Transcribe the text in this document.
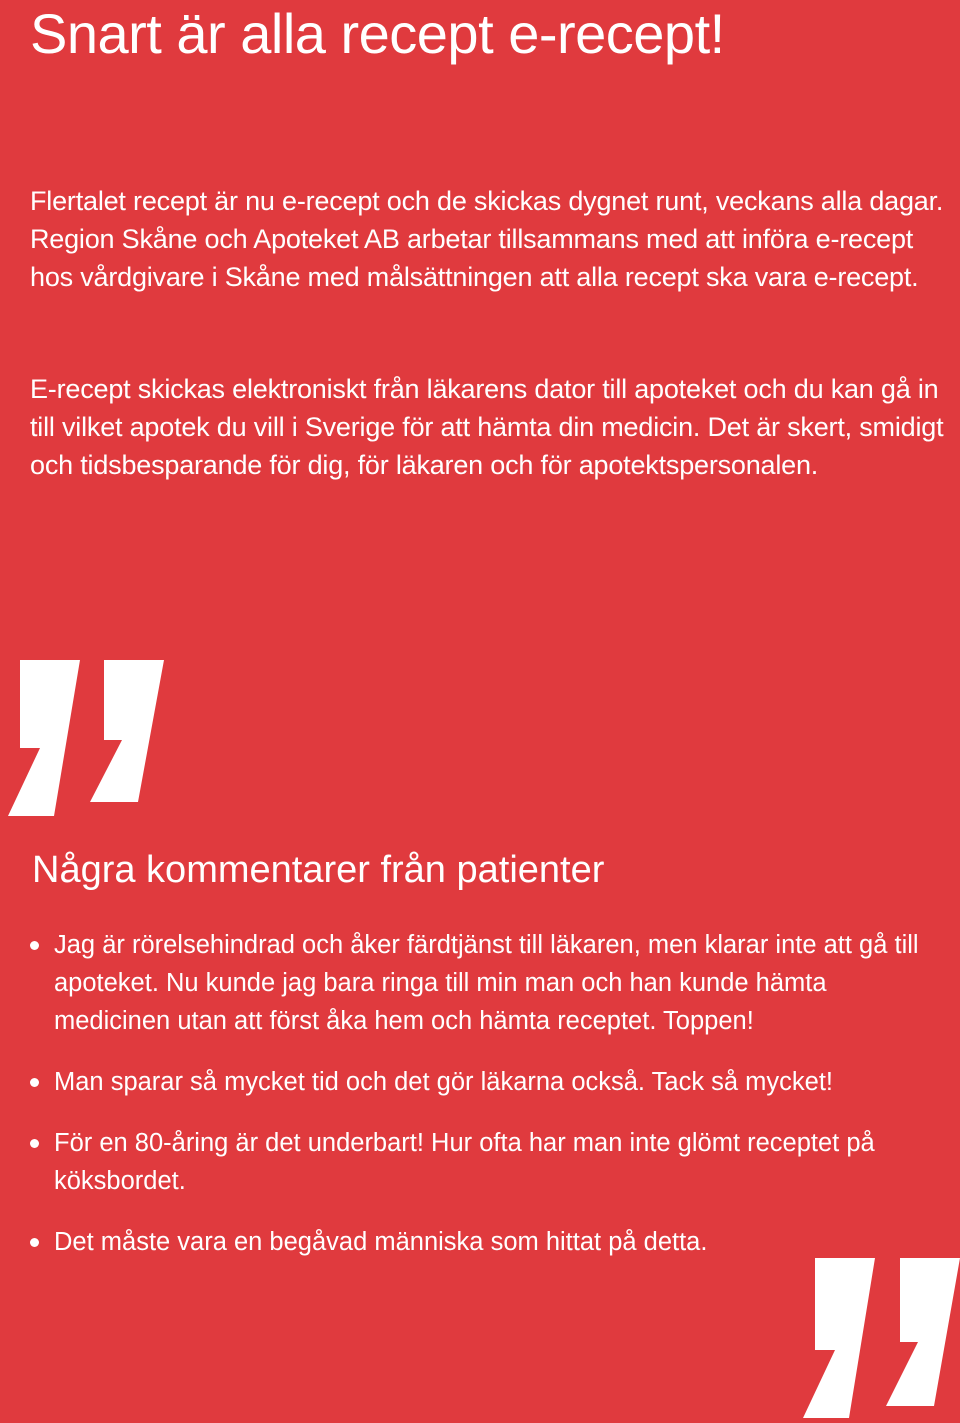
Snart är alla recept e-recept!

Flertalet recept är nu e-recept och de skickas dygnet runt, veckans alla dagar. Region Skåne och Apoteket AB arbetar tillsammans med att införa e-recept hos vårdgivare i Skåne med målsättningen att alla recept ska vara e-recept.

E-recept skickas elektroniskt från läkarens dator till apoteket och du kan gå in till vilket apotek du vill i Sverige för att hämta din medicin. Det är skert, smidigt och tidsbesparande för dig, för läkaren och för apotektspersonalen.

Några kommentarer från patienter
Jag är rörelsehindrad och åker färdtjänst till läkaren, men klarar inte att gå till apoteket. Nu kunde jag bara ringa till min man och han kunde hämta medicinen utan att först åka hem och hämta receptet. Toppen!
Man sparar så mycket tid och det gör läkarna också. Tack så mycket!
För en 80-åring är det underbart! Hur ofta har man inte glömt receptet på köksbordet.
Det måste vara en begåvad människa som hittat på detta.
